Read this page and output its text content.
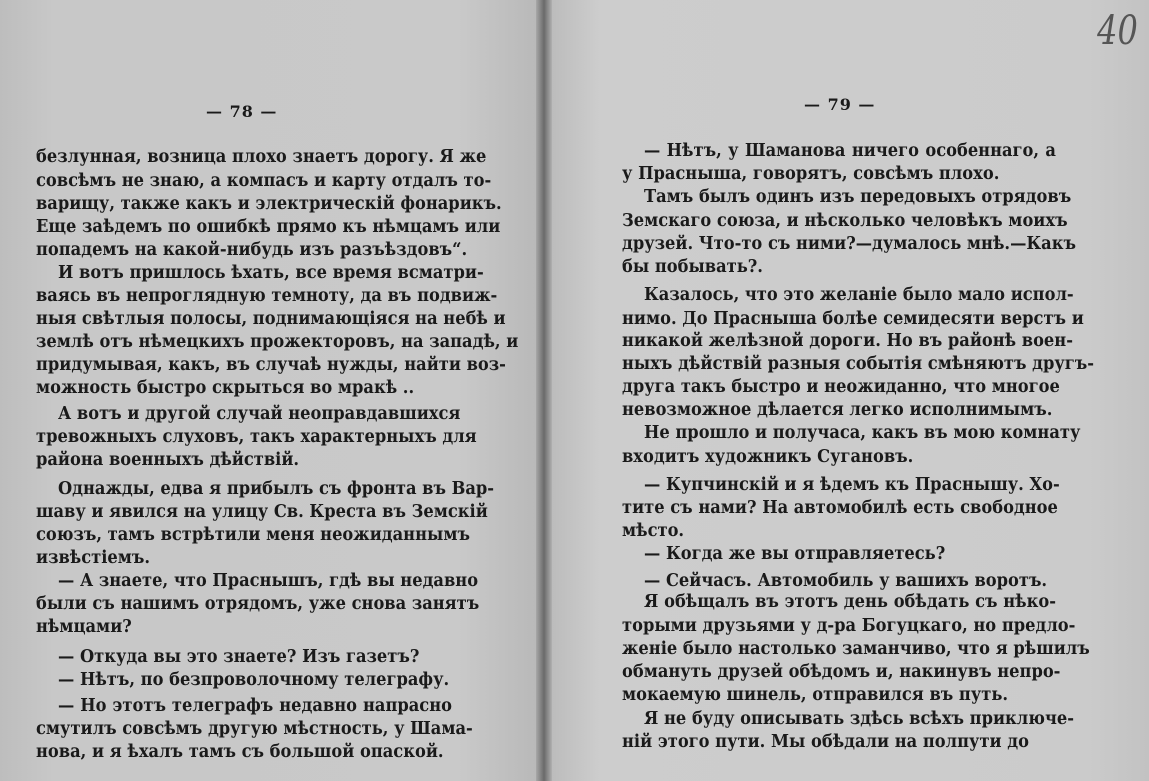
— 78 —
безлунная, возница плохо знаетъ дорогу. Я же
совсѣмъ не знаю, а компасъ и карту отдалъ то-
варищу, также какъ и электрическій фонарикъ.
Еще заѣдемъ по ошибкѣ прямо къ нѣмцамъ или
попадемъ на какой-нибудь изъ разъѣздовъ“.
И вотъ пришлось ѣхать, все время всматри-
ваясь въ непроглядную темноту, да въ подвиж-
ныя свѣтлыя полосы, поднимающіяся на небѣ и
землѣ отъ нѣмецкихъ прожекторовъ, на западѣ, и
придумывая, какъ, въ случаѣ нужды, найти воз-
можность быстро скрыться во мракѣ ..
А вотъ и другой случай неоправдавшихся
тревожныхъ слуховъ, такъ характерныхъ для
района военныхъ дѣйствій.
Однажды, едва я прибылъ съ фронта въ Вар-
шаву и явился на улицу Св. Креста въ Земскій
союзъ, тамъ встрѣтили меня неожиданнымъ
извѣстіемъ.
— А знаете, что Праснышъ, гдѣ вы недавно
были съ нашимъ отрядомъ, уже снова занятъ
нѣмцами?
— Откуда вы это знаете? Изъ газетъ?
— Нѣтъ, по безпроволочному телеграфу.
— Но этотъ телеграфъ недавно напрасно
смутилъ совсѣмъ другую мѣстность, у Шама-
нова, и я ѣхалъ тамъ съ большой опаской.
— 79 —
— Нѣтъ, у Шаманова ничего особеннаго, а
у Прасныша, говорятъ, совсѣмъ плохо.
Тамъ былъ одинъ изъ передовыхъ отрядовъ
Земскаго союза, и нѣсколько человѣкъ моихъ
друзей. Что-то съ ними?—думалось мнѣ.—Какъ
бы побывать?.
Казалось, что это желаніе было мало испол-
нимо. До Прасныша болѣе семидесяти верстъ и
никакой желѣзной дороги. Но въ районѣ воен-
ныхъ дѣйствій разныя событія смѣняютъ другъ-
друга такъ быстро и неожиданно, что многое
невозможное дѣлается легко исполнимымъ.
Не прошло и получаса, какъ въ мою комнату
входитъ художникъ Сугановъ.
— Купчинскій и я ѣдемъ къ Праснышу. Хо-
тите съ нами? На автомобилѣ есть свободное
мѣсто.
— Когда же вы отправляетесь?
— Сейчасъ. Автомобиль у вашихъ воротъ.
Я обѣщалъ въ этотъ день обѣдать съ нѣко-
торыми друзьями у д-ра Богуцкаго, но предло-
женіе было настолько заманчиво, что я рѣшилъ
обмануть друзей обѣдомъ и, накинувъ непро-
мокаемую шинель, отправился въ путь.
Я не буду описывать здѣсь всѣхъ приключе-
ній этого пути. Мы обѣдали на полпути до
40
